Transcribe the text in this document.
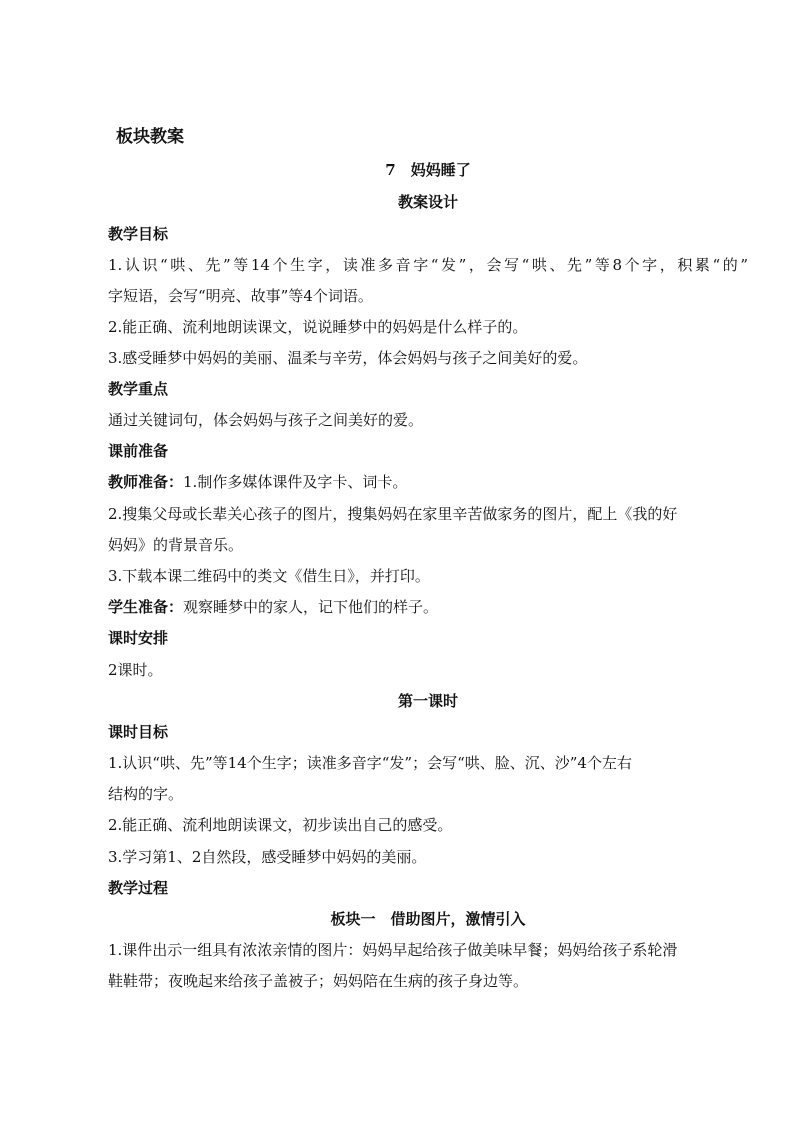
板块教案
7　妈妈睡了
教案设计
教学目标
1.认识“哄、先”等14个生字，读准多音字“发”，会写“哄、先”等8个字，积累“的”
字短语，会写“明亮、故事”等4个词语。
2.能正确、流利地朗读课文，说说睡梦中的妈妈是什么样子的。
3.感受睡梦中妈妈的美丽、温柔与辛劳，体会妈妈与孩子之间美好的爱。
教学重点
通过关键词句，体会妈妈与孩子之间美好的爱。
课前准备
教师准备：1.制作多媒体课件及字卡、词卡。
2.搜集父母或长辈关心孩子的图片，搜集妈妈在家里辛苦做家务的图片，配上《我的好
妈妈》的背景音乐。
3.下载本课二维码中的类文《借生日》，并打印。
学生准备：观察睡梦中的家人，记下他们的样子。
课时安排
2课时。
第一课时
课时目标
1.认识“哄、先”等14个生字；读准多音字“发”；会写“哄、脸、沉、沙”4个左右
结构的字。
2.能正确、流利地朗读课文，初步读出自己的感受。
3.学习第1、2自然段，感受睡梦中妈妈的美丽。
教学过程
板块一　借助图片，激情引入
1.课件出示一组具有浓浓亲情的图片：妈妈早起给孩子做美味早餐；妈妈给孩子系轮滑
鞋鞋带；夜晚起来给孩子盖被子；妈妈陪在生病的孩子身边等。
